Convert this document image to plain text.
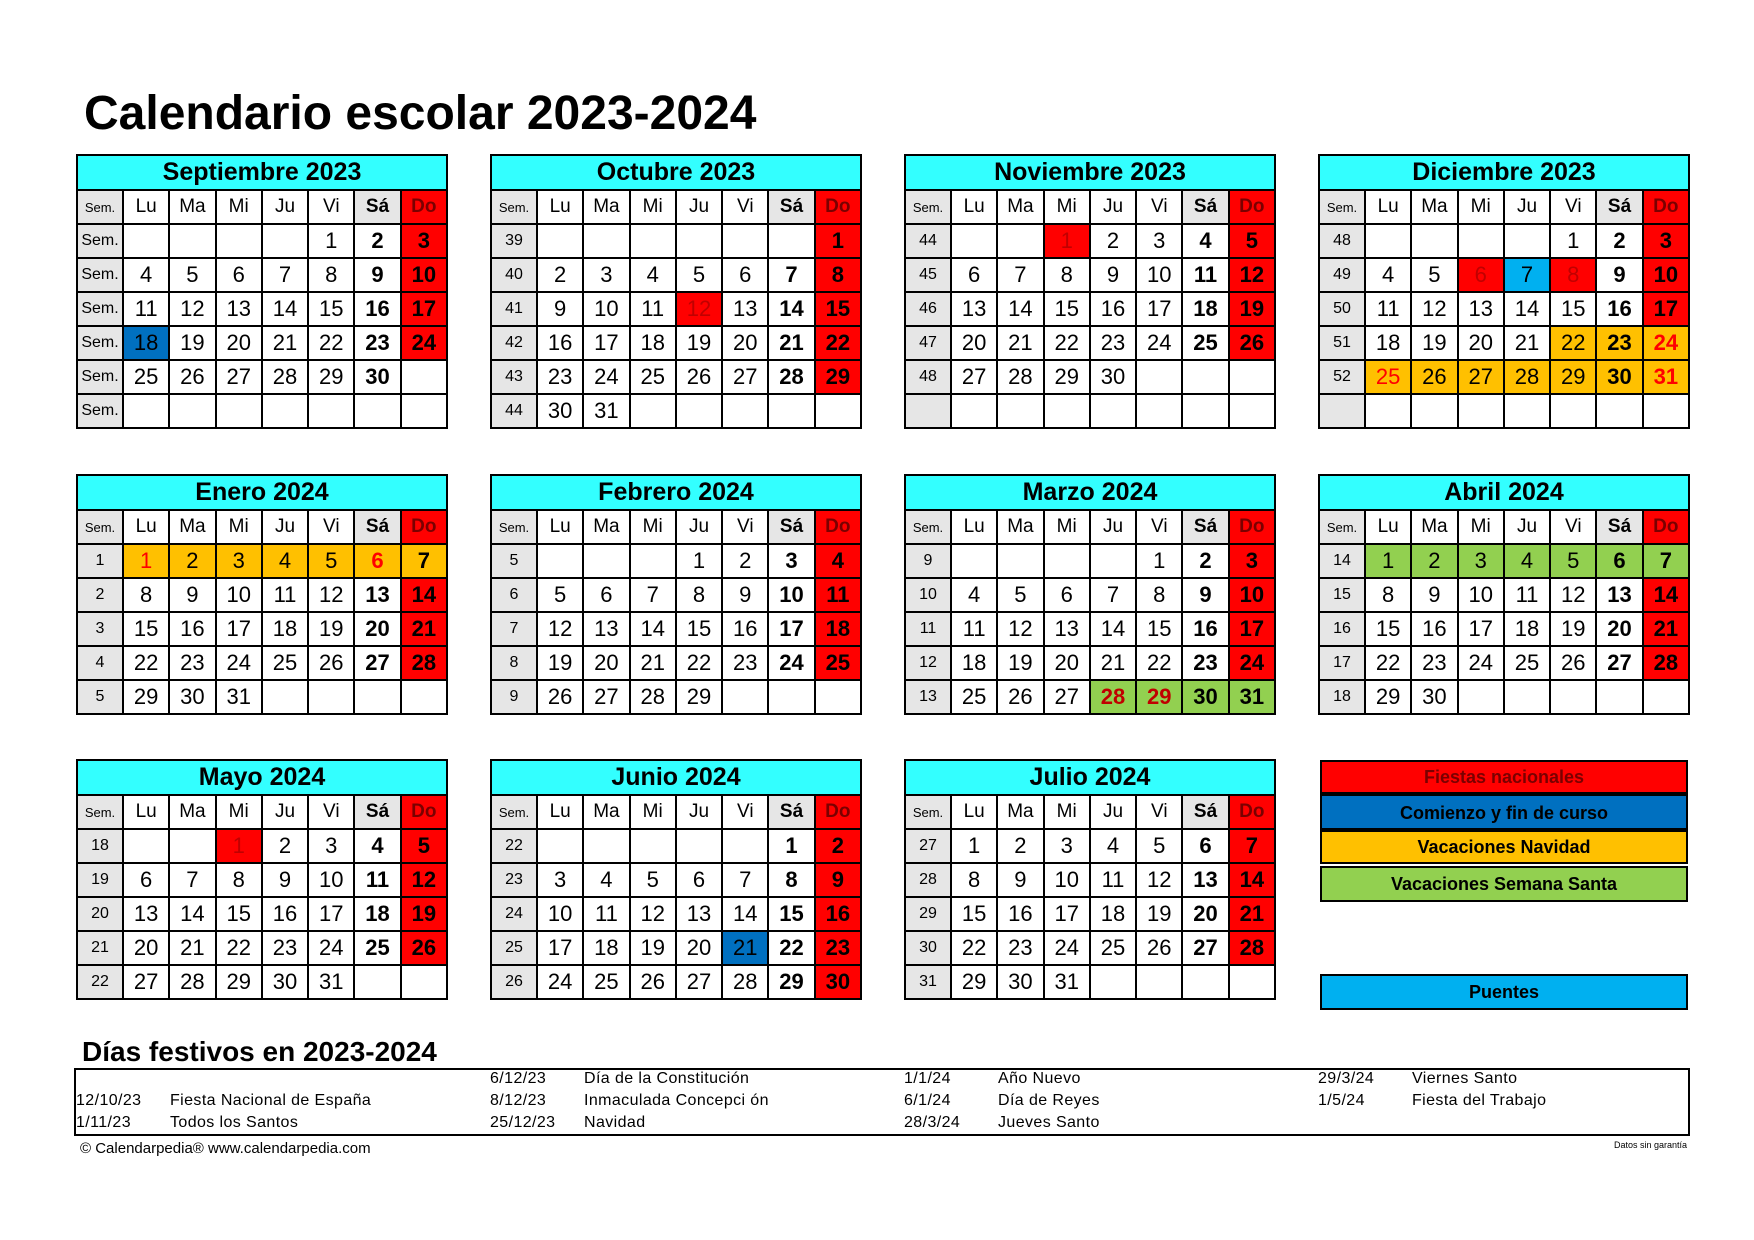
Calendario escolar 2023-2024
Septiembre 2023							
Sem.	Lu	Ma	Mi	Ju	Vi	Sá	Do
Sem.					1	2	3
Sem.	4	5	6	7	8	9	10
Sem.	11	12	13	14	15	16	17
Sem.	18	19	20	21	22	23	24
Sem.	25	26	27	28	29	30	
Sem.							
Octubre 2023							
Sem.	Lu	Ma	Mi	Ju	Vi	Sá	Do
39							1
40	2	3	4	5	6	7	8
41	9	10	11	12	13	14	15
42	16	17	18	19	20	21	22
43	23	24	25	26	27	28	29
44	30	31					
Noviembre 2023							
Sem.	Lu	Ma	Mi	Ju	Vi	Sá	Do
44			1	2	3	4	5
45	6	7	8	9	10	11	12
46	13	14	15	16	17	18	19
47	20	21	22	23	24	25	26
48	27	28	29	30			

Diciembre 2023							
Sem.	Lu	Ma	Mi	Ju	Vi	Sá	Do
48					1	2	3
49	4	5	6	7	8	9	10
50	11	12	13	14	15	16	17
51	18	19	20	21	22	23	24
52	25	26	27	28	29	30	31

Enero 2024							
Sem.	Lu	Ma	Mi	Ju	Vi	Sá	Do
1	1	2	3	4	5	6	7
2	8	9	10	11	12	13	14
3	15	16	17	18	19	20	21
4	22	23	24	25	26	27	28
5	29	30	31				
Febrero 2024							
Sem.	Lu	Ma	Mi	Ju	Vi	Sá	Do
5				1	2	3	4
6	5	6	7	8	9	10	11
7	12	13	14	15	16	17	18
8	19	20	21	22	23	24	25
9	26	27	28	29			
Marzo 2024							
Sem.	Lu	Ma	Mi	Ju	Vi	Sá	Do
9					1	2	3
10	4	5	6	7	8	9	10
11	11	12	13	14	15	16	17
12	18	19	20	21	22	23	24
13	25	26	27	28	29	30	31
Abril 2024							
Sem.	Lu	Ma	Mi	Ju	Vi	Sá	Do
14	1	2	3	4	5	6	7
15	8	9	10	11	12	13	14
16	15	16	17	18	19	20	21
17	22	23	24	25	26	27	28
18	29	30					
Mayo 2024							
Sem.	Lu	Ma	Mi	Ju	Vi	Sá	Do
18			1	2	3	4	5
19	6	7	8	9	10	11	12
20	13	14	15	16	17	18	19
21	20	21	22	23	24	25	26
22	27	28	29	30	31		
Junio 2024							
Sem.	Lu	Ma	Mi	Ju	Vi	Sá	Do
22						1	2
23	3	4	5	6	7	8	9
24	10	11	12	13	14	15	16
25	17	18	19	20	21	22	23
26	24	25	26	27	28	29	30
Julio 2024							
Sem.	Lu	Ma	Mi	Ju	Vi	Sá	Do
27	1	2	3	4	5	6	7
28	8	9	10	11	12	13	14
29	15	16	17	18	19	20	21
30	22	23	24	25	26	27	28
31	29	30	31				
Fiestas nacionales
Comienzo y fin de curso
Vacaciones Navidad
Vacaciones Semana Santa
Puentes
Días festivos en 2023-2024
12/10/23 Fiesta Nacional de España
1/11/23 Todos los Santos
6/12/23 Día de la Constitución
8/12/23 Inmaculada Concepci ón
25/12/23 Navidad
1/1/24	Año Nuevo
6/1/24	Día de Reyes
28/3/24 Jueves Santo
29/3/24 Viernes Santo
1/5/24	Fiesta del Trabajo
© Calendarpedia® www.calendarpedia.com	Datos sin garantía
